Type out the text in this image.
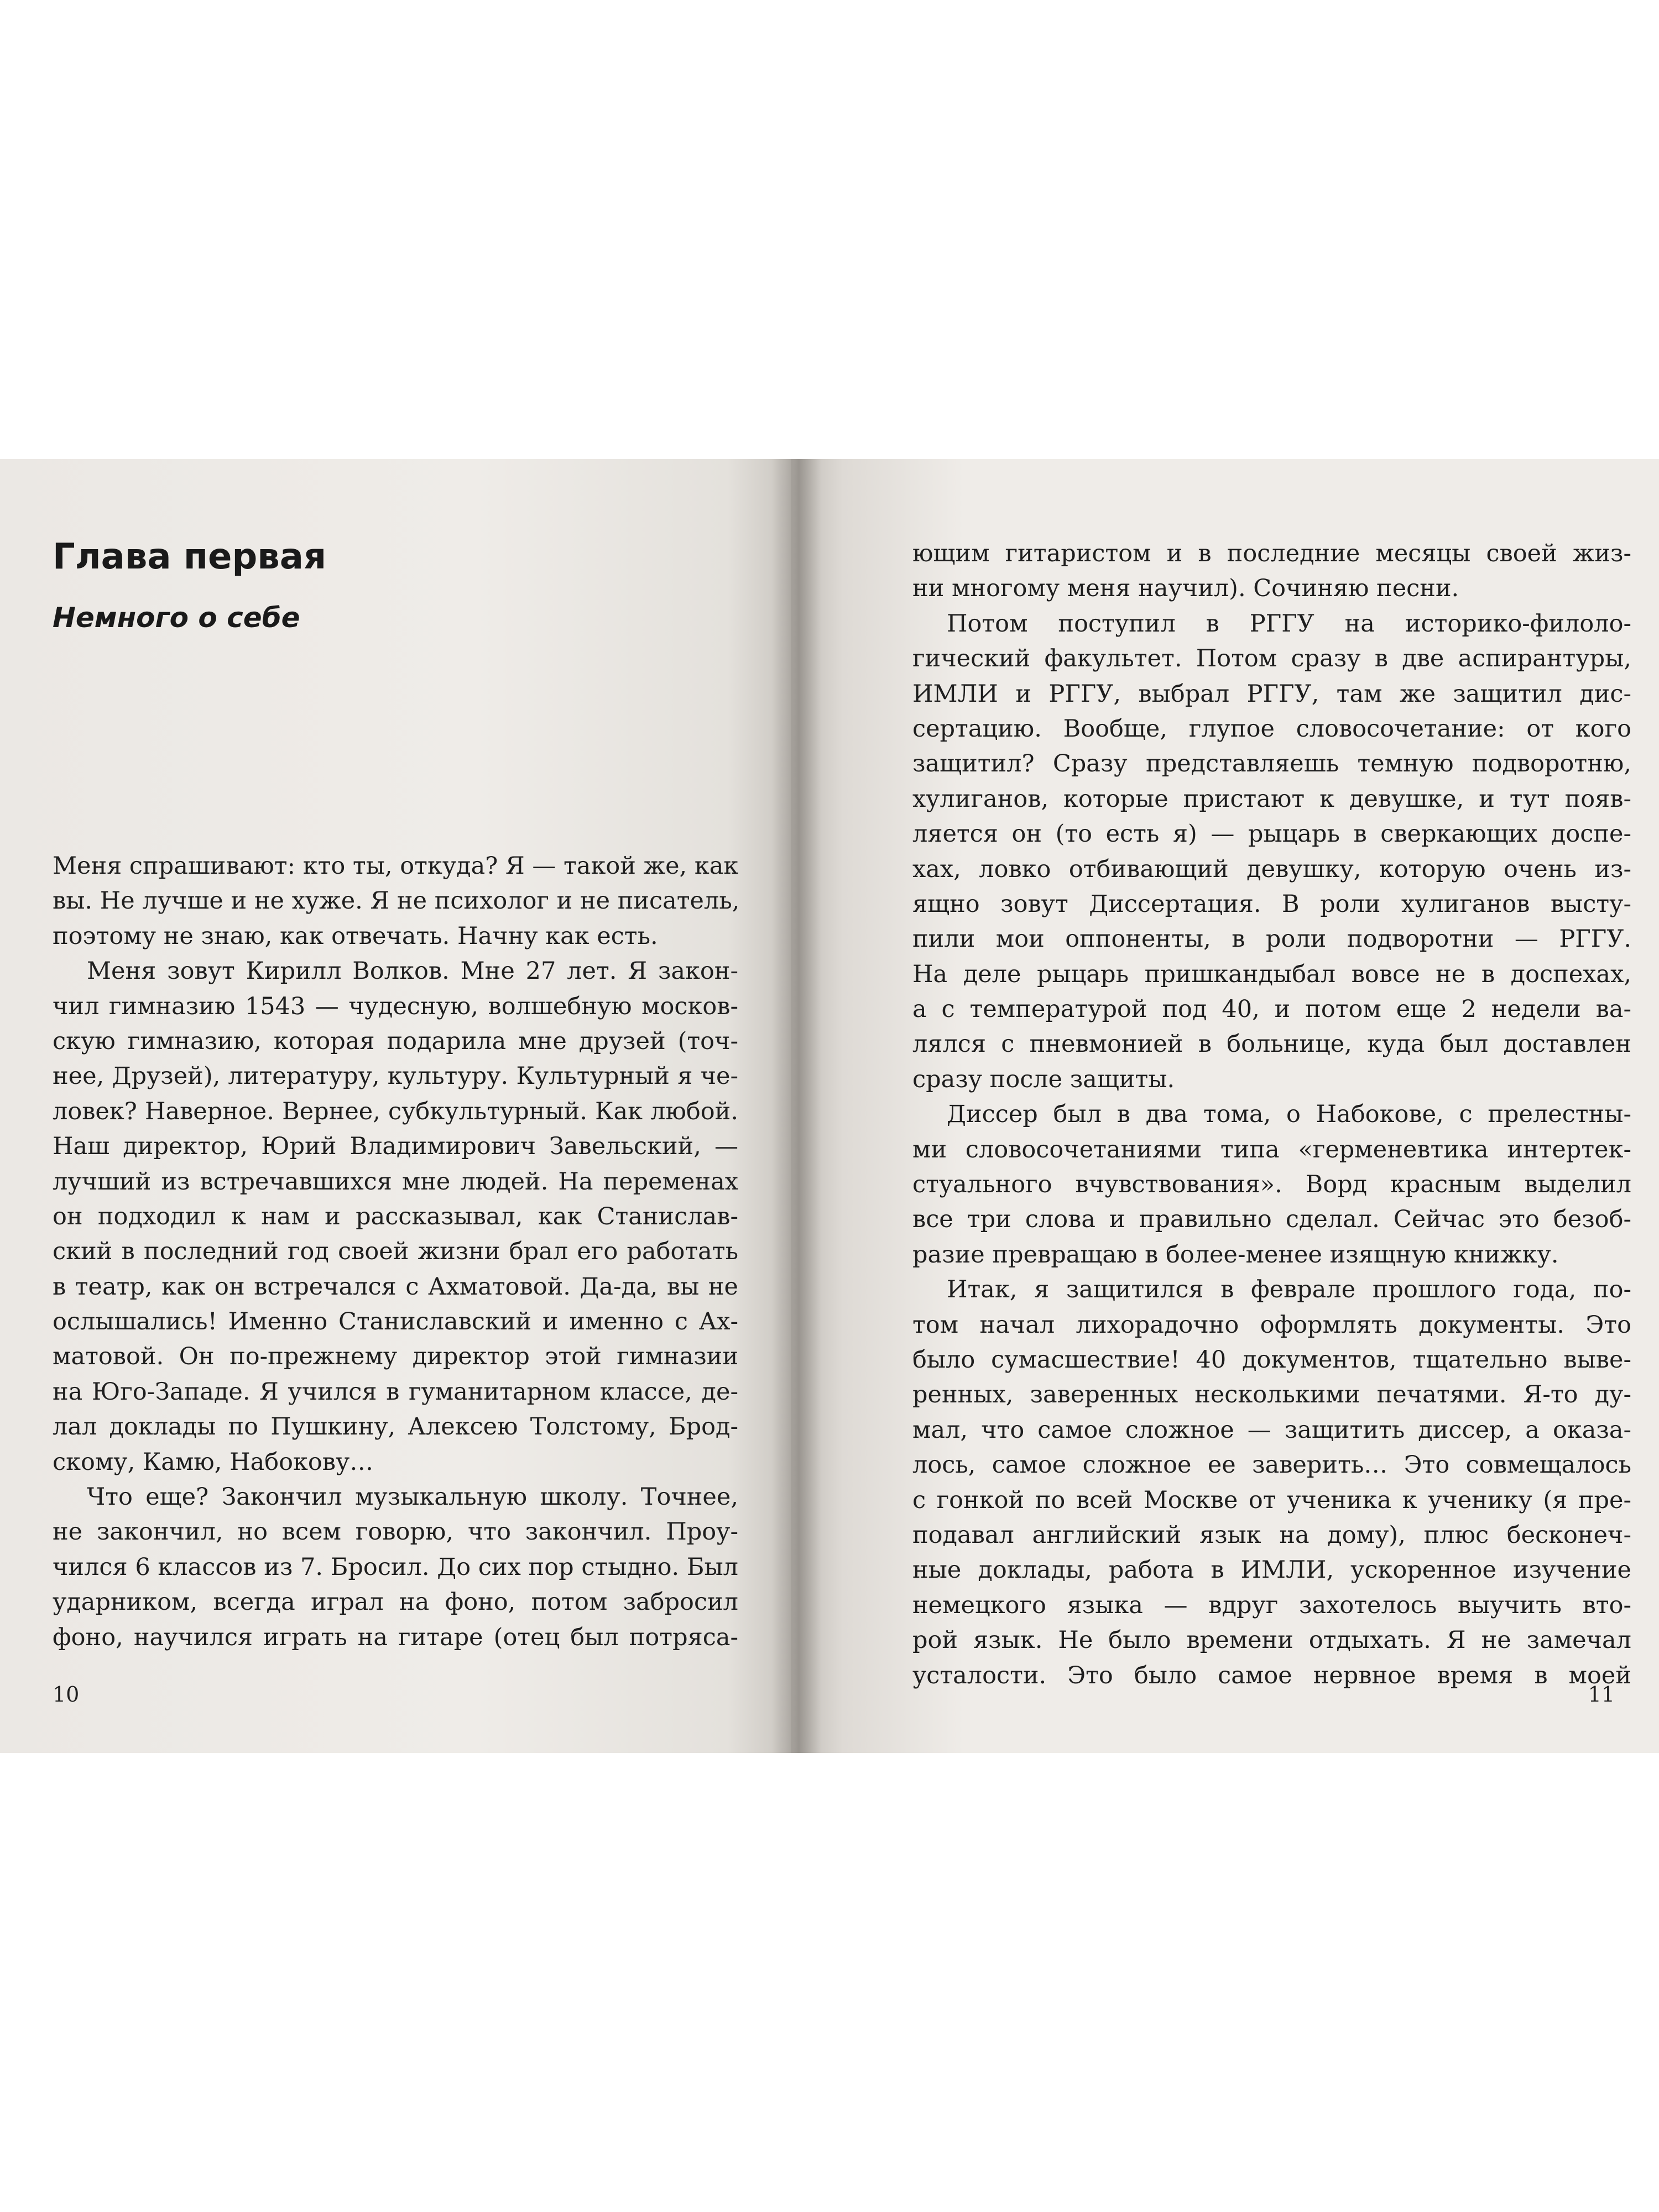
Глава первая
Немного о себе
Меня спрашивают: кто ты, откуда? Я — такой же, как
вы. Не лучше и не хуже. Я не психолог и не писатель,
поэтому не знаю, как отвечать. Начну как есть.
Меня зовут Кирилл Волков. Мне 27 лет. Я закон-
чил гимназию 1543 — чудесную, волшебную москов-
скую гимназию, которая подарила мне друзей (точ-
нее, Друзей), литературу, культуру. Культурный я че-
ловек? Наверное. Вернее, субкультурный. Как любой.
Наш директор, Юрий Владимирович Завельский, —
лучший из встречавшихся мне людей. На переменах
он подходил к нам и рассказывал, как Станислав-
ский в последний год своей жизни брал его работать
в театр, как он встречался с Ахматовой. Да-да, вы не
ослышались! Именно Станиславский и именно с Ах-
матовой. Он по-прежнему директор этой гимназии
на Юго-Западе. Я учился в гуманитарном классе, де-
лал доклады по Пушкину, Алексею Толстому, Брод-
скому, Камю, Набокову…
Что еще? Закончил музыкальную школу. Точнее,
не закончил, но всем говорю, что закончил. Проу-
чился 6 классов из 7. Бросил. До сих пор стыдно. Был
ударником, всегда играл на фоно, потом забросил
фоно, научился играть на гитаре (отец был потряса-
10
ющим гитаристом и в последние месяцы своей жиз-
ни многому меня научил). Сочиняю песни.
Потом поступил в РГГУ на историко-филоло-
гический факультет. Потом сразу в две аспирантуры,
ИМЛИ и РГГУ, выбрал РГГУ, там же защитил дис-
сертацию. Вообще, глупое словосочетание: от кого
защитил? Сразу представляешь темную подворотню,
хулиганов, которые пристают к девушке, и тут появ-
ляется он (то есть я) — рыцарь в сверкающих доспе-
хах, ловко отбивающий девушку, которую очень из-
ящно зовут Диссертация. В роли хулиганов высту-
пили мои оппоненты, в роли подворотни — РГГУ.
На деле рыцарь пришкандыбал вовсе не в доспехах,
а с температурой под 40, и потом еще 2 недели ва-
лялся с пневмонией в больнице, куда был доставлен
сразу после защиты.
Диссер был в два тома, о Набокове, с прелестны-
ми словосочетаниями типа «герменевтика интертек-
стуального вчувствования». Ворд красным выделил
все три слова и правильно сделал. Сейчас это безоб-
разие превращаю в более-менее изящную книжку.
Итак, я защитился в феврале прошлого года, по-
том начал лихорадочно оформлять документы. Это
было сумасшествие! 40 документов, тщательно выве-
ренных, заверенных несколькими печатями. Я-то ду-
мал, что самое сложное — защитить диссер, а оказа-
лось, самое сложное ее заверить… Это совмещалось
с гонкой по всей Москве от ученика к ученику (я пре-
подавал английский язык на дому), плюс бесконеч-
ные доклады, работа в ИМЛИ, ускоренное изучение
немецкого языка — вдруг захотелось выучить вто-
рой язык. Не было времени отдыхать. Я не замечал
усталости. Это было самое нервное время в моей
11
